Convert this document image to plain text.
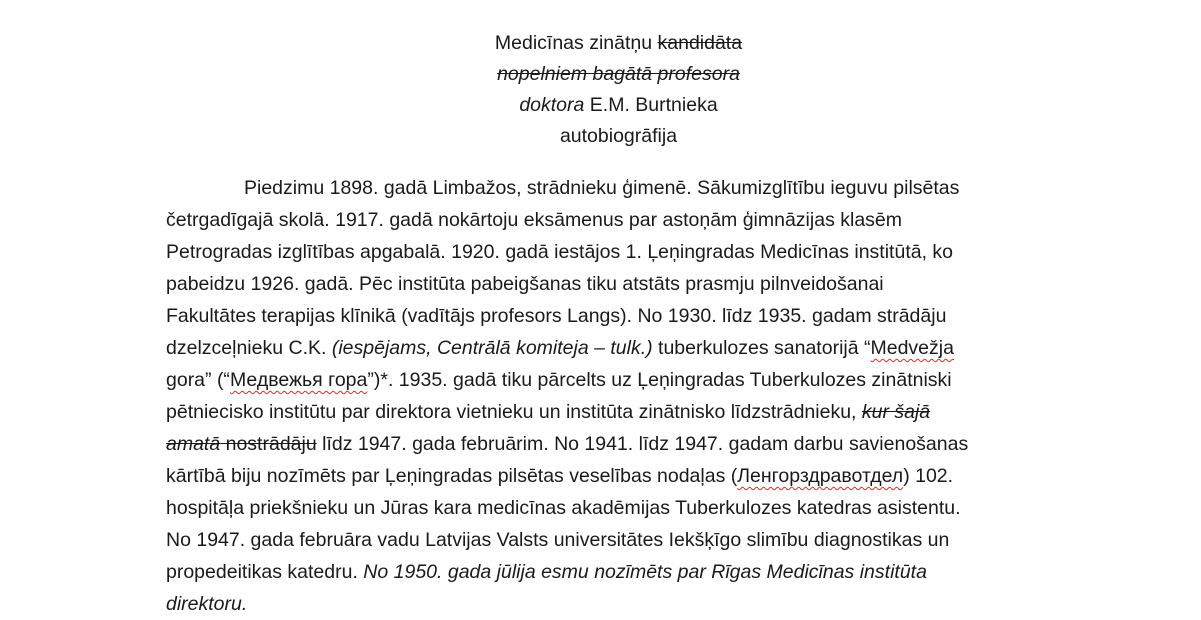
Medicīnas zinātņu kandidāta
nopelniem bagātā profesora
doktora E.M. Burtnieka
autobiogrāfija
Piedzimu 1898. gadā Limbažos, strādnieku ģimenē. Sākumizglītību ieguvu pilsētas
četrgadīgajā skolā. 1917. gadā nokārtoju eksāmenus par astoņām ģimnāzijas klasēm
Petrogradas izglītības apgabalā. 1920. gadā iestājos 1. Ļeņingradas Medicīnas institūtā, ko
pabeidzu 1926. gadā. Pēc institūta pabeigšanas tiku atstāts prasmju pilnveidošanai
Fakultātes terapijas klīnikā (vadītājs profesors Langs). No 1930. līdz 1935. gadam strādāju
dzelzceļnieku C.K. (iespējams, Centrālā komiteja – tulk.) tuberkulozes sanatorijā “Medvežja
gora” (“Медвежья гора”)*. 1935. gadā tiku pārcelts uz Ļeņingradas Tuberkulozes zinātniski
pētniecisko institūtu par direktora vietnieku un institūta zinātnisko līdzstrādnieku, kur šajā
amatā nostrādāju līdz 1947. gada februārim. No 1941. līdz 1947. gadam darbu savienošanas
kārtībā biju nozīmēts par Ļeņingradas pilsētas veselības nodaļas (Ленгорздравотдел) 102.
hospitāļa priekšnieku un Jūras kara medicīnas akadēmijas Tuberkulozes katedras asistentu.
No 1947. gada februāra vadu Latvijas Valsts universitātes Iekšķīgo slimību diagnostikas un
propedeitikas katedru. No 1950. gada jūlija esmu nozīmēts par Rīgas Medicīnas institūta
direktoru.
